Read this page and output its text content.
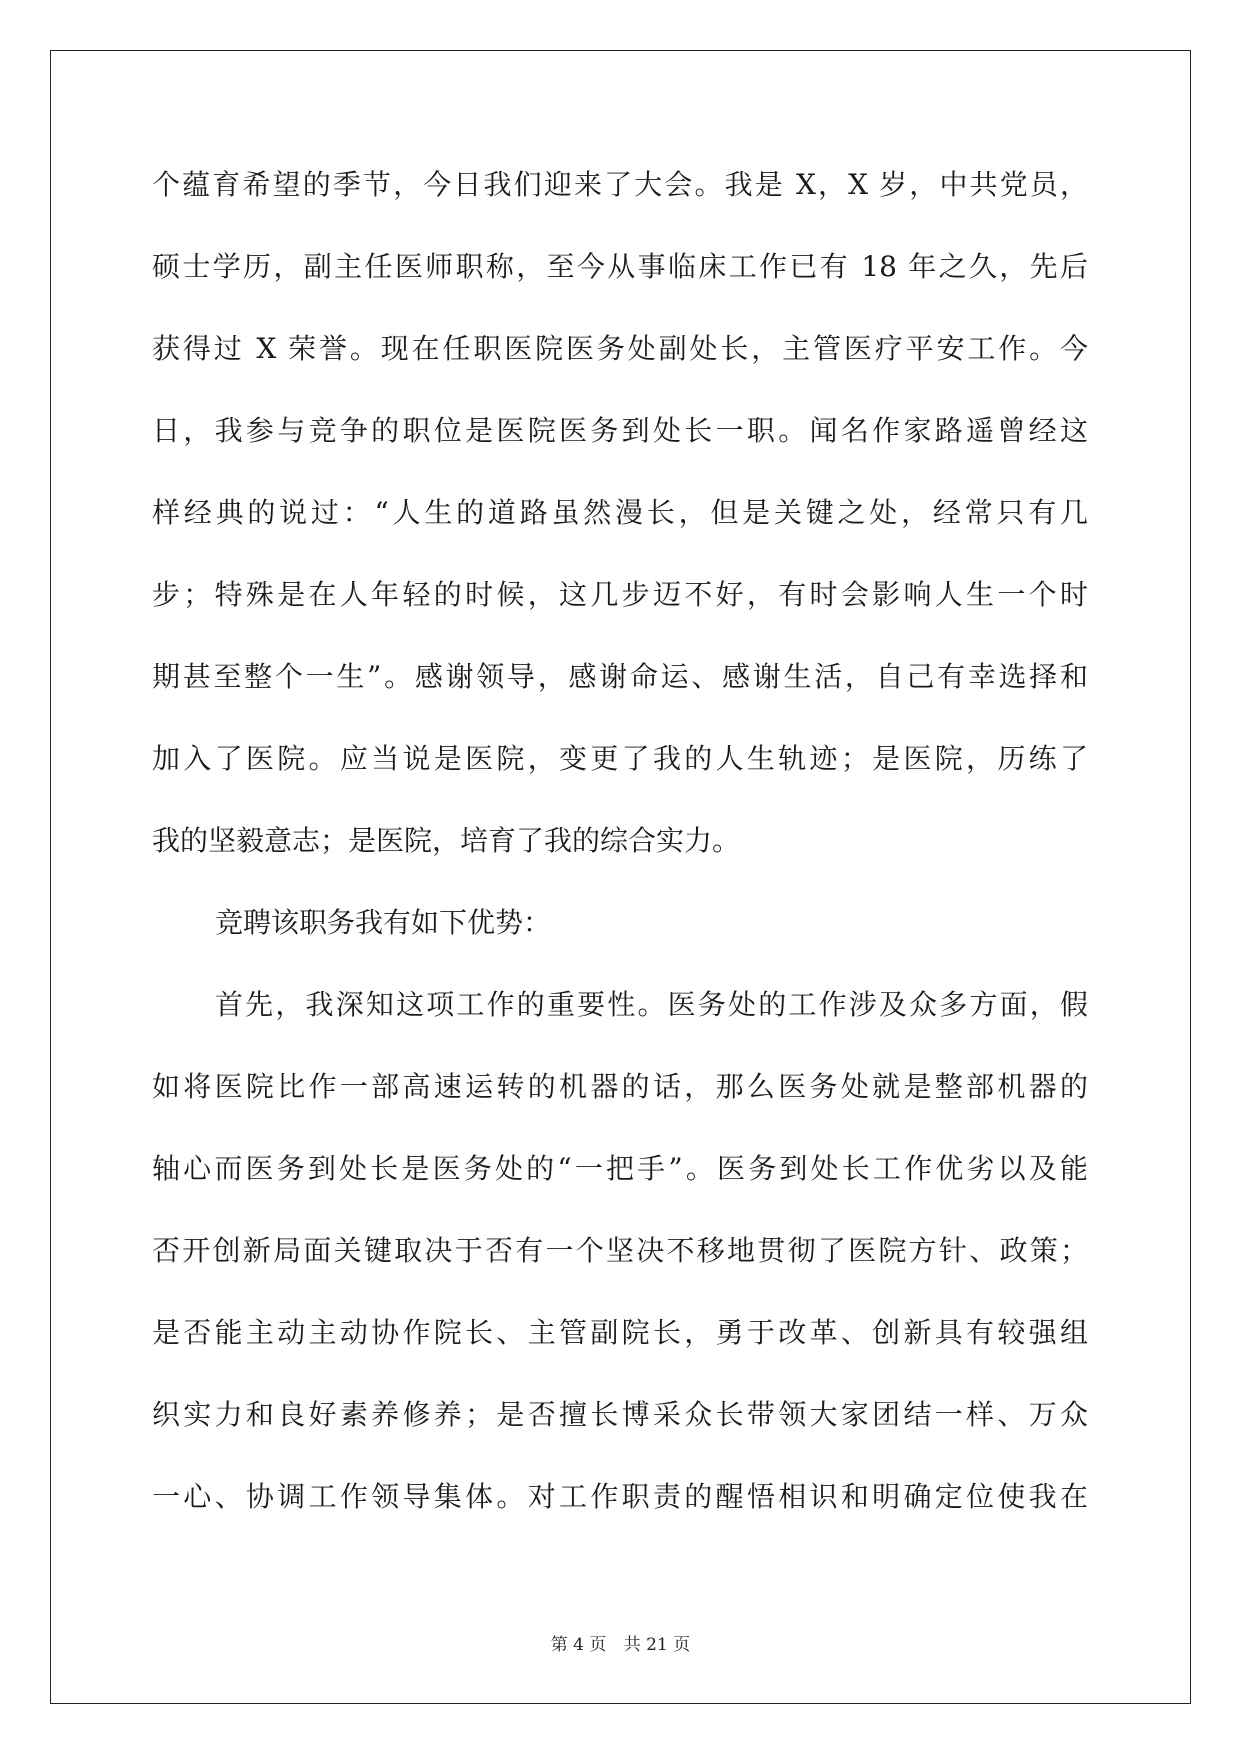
个蕴育希望的季节，今日我们迎来了大会。我是 X，X 岁，中共党员，
硕士学历，副主任医师职称，至今从事临床工作已有 18 年之久，先后
获得过 X 荣誉。现在任职医院医务处副处长，主管医疗平安工作。今
日，我参与竞争的职位是医院医务到处长一职。闻名作家路遥曾经这
样经典的说过：“人生的道路虽然漫长，但是关键之处，经常只有几
步；特殊是在人年轻的时候，这几步迈不好，有时会影响人生一个时
期甚至整个一生”。感谢领导，感谢命运、感谢生活，自己有幸选择和
加入了医院。应当说是医院，变更了我的人生轨迹；是医院，历练了
我的坚毅意志；是医院，培育了我的综合实力。
竞聘该职务我有如下优势：
首先，我深知这项工作的重要性。医务处的工作涉及众多方面，假
如将医院比作一部高速运转的机器的话，那么医务处就是整部机器的
轴心而医务到处长是医务处的“一把手”。医务到处长工作优劣以及能
否开创新局面关键取决于否有一个坚决不移地贯彻了医院方针、政策；
是否能主动主动协作院长、主管副院长，勇于改革、创新具有较强组
织实力和良好素养修养；是否擅长博采众长带领大家团结一样、万众
一心、协调工作领导集体。对工作职责的醒悟相识和明确定位使我在
第 4 页 共 21 页
